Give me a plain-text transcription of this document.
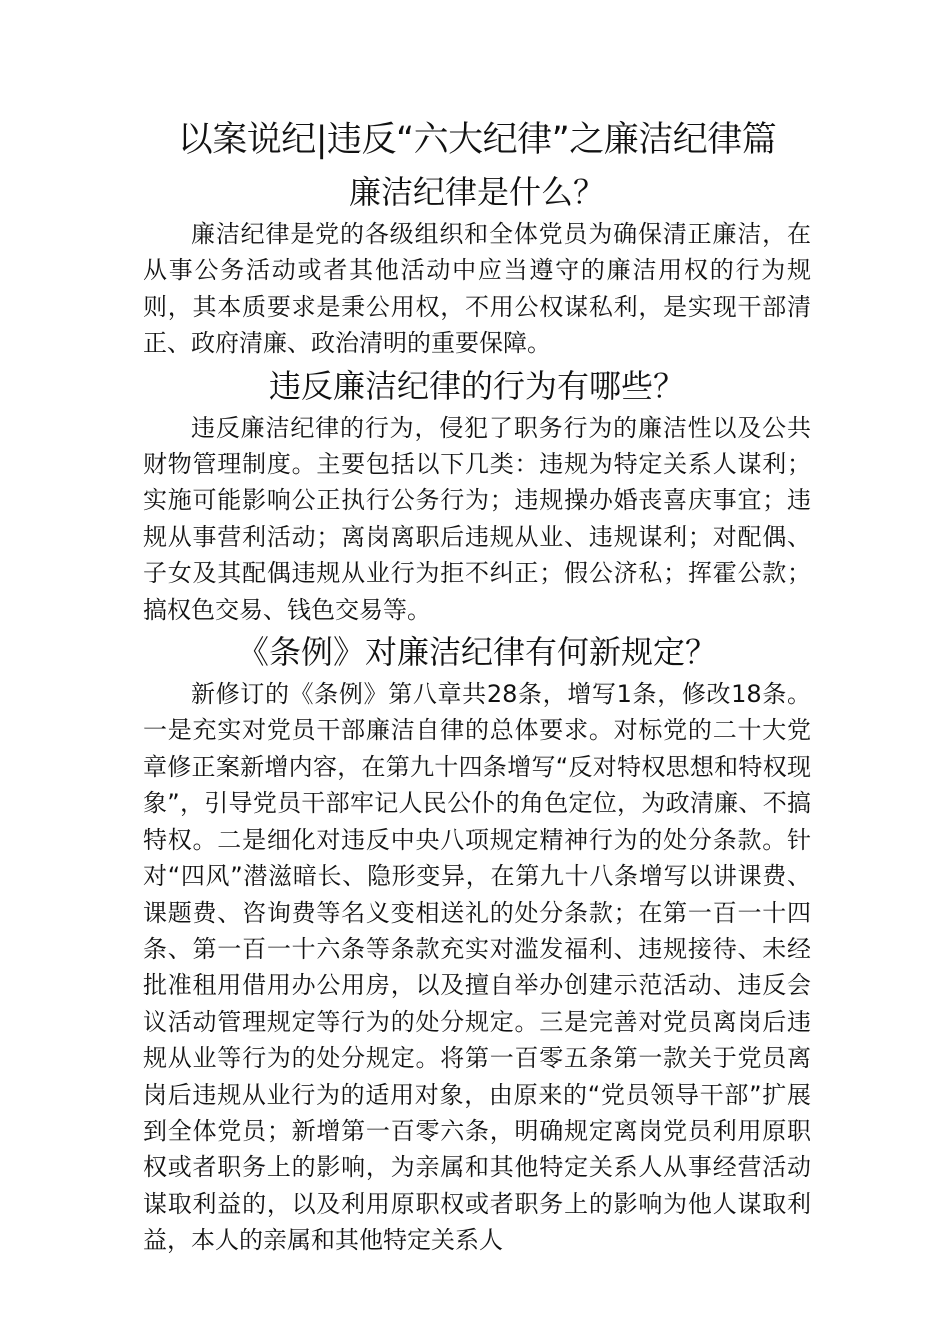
以案说纪|违反“六大纪律”之廉洁纪律篇
廉洁纪律是什么？

廉洁纪律是党的各级组织和全体党员为确保清正廉洁，在从事公务活动或者其他活动中应当遵守的廉洁用权的行为规则，其本质要求是秉公用权，不用公权谋私利，是实现干部清正、政府清廉、政治清明的重要保障。

违反廉洁纪律的行为有哪些？

违反廉洁纪律的行为，侵犯了职务行为的廉洁性以及公共财物管理制度。主要包括以下几类：违规为特定关系人谋利；实施可能影响公正执行公务行为；违规操办婚丧喜庆事宜；违规从事营利活动；离岗离职后违规从业、违规谋利；对配偶、子女及其配偶违规从业行为拒不纠正；假公济私；挥霍公款；搞权色交易、钱色交易等。

《条例》对廉洁纪律有何新规定？

新修订的《条例》第八章共28条，增写1条，修改18条。一是充实对党员干部廉洁自律的总体要求。对标党的二十大党章修正案新增内容，在第九十四条增写“反对特权思想和特权现象”，引导党员干部牢记人民公仆的角色定位，为政清廉、不搞特权。二是细化对违反中央八项规定精神行为的处分条款。针对“四风”潜滋暗长、隐形变异，在第九十八条增写以讲课费、课题费、咨询费等名义变相送礼的处分条款；在第一百一十四条、第一百一十六条等条款充实对滥发福利、违规接待、未经批准租用借用办公用房，以及擅自举办创建示范活动、违反会议活动管理规定等行为的处分规定。三是完善对党员离岗后违规从业等行为的处分规定。将第一百零五条第一款关于党员离岗后违规从业行为的适用对象，由原来的“党员领导干部”扩展到全体党员；新增第一百零六条，明确规定离岗党员利用原职权或者职务上的影响，为亲属和其他特定关系人从事经营活动谋取利益的，以及利用原职权或者职务上的影响为他人谋取利益，本人的亲属和其他特定关系人
